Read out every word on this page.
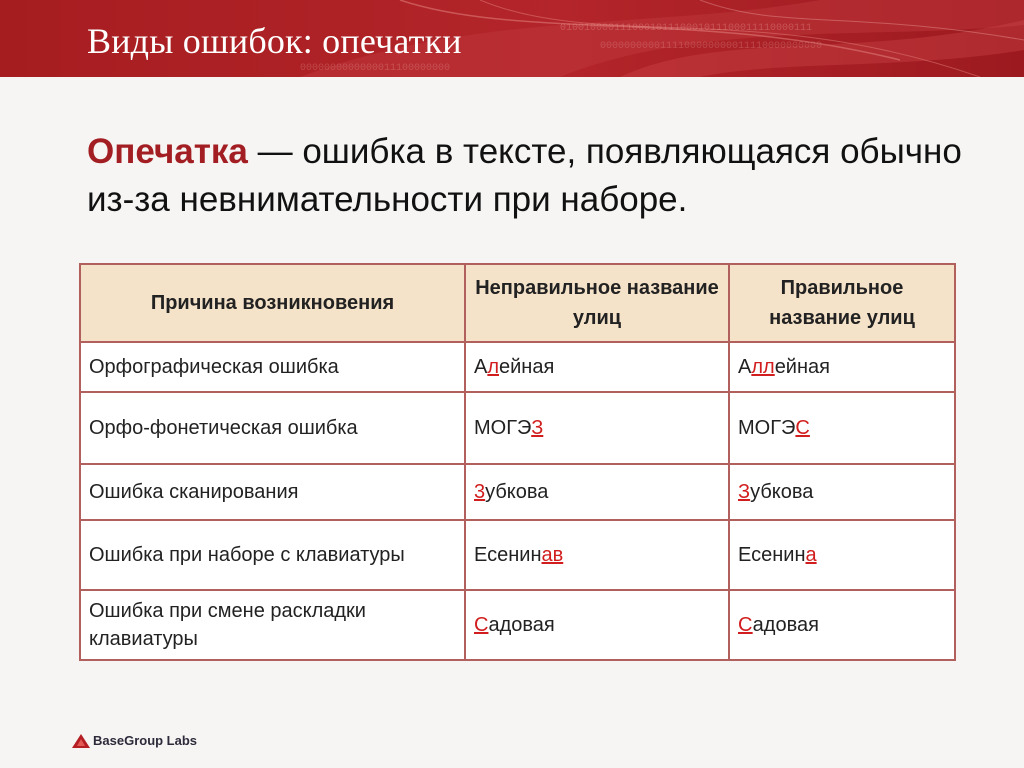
010010000111000101110001011100011110000111
0000000000111100000000011110000000000
0000000000000011100000000
Виды ошибок: опечатки
Опечатка — ошибка в тексте, появляющаяся обычно из-за невнимательности при наборе.
Причина возникновения	Неправильное название улиц	Правильное название улиц
Орфографическая ошибка	Алейная	Аллейная
Орфо-фонетическая ошибка	МОГЭЗ	МОГЭС
Ошибка сканирования	3убкова	Зубкова
Ошибка при наборе с клавиатуры	Есенинав	Есенина
Ошибка при смене раскладки клавиатуры	Cадовая	Садовая
BaseGroup Labs
